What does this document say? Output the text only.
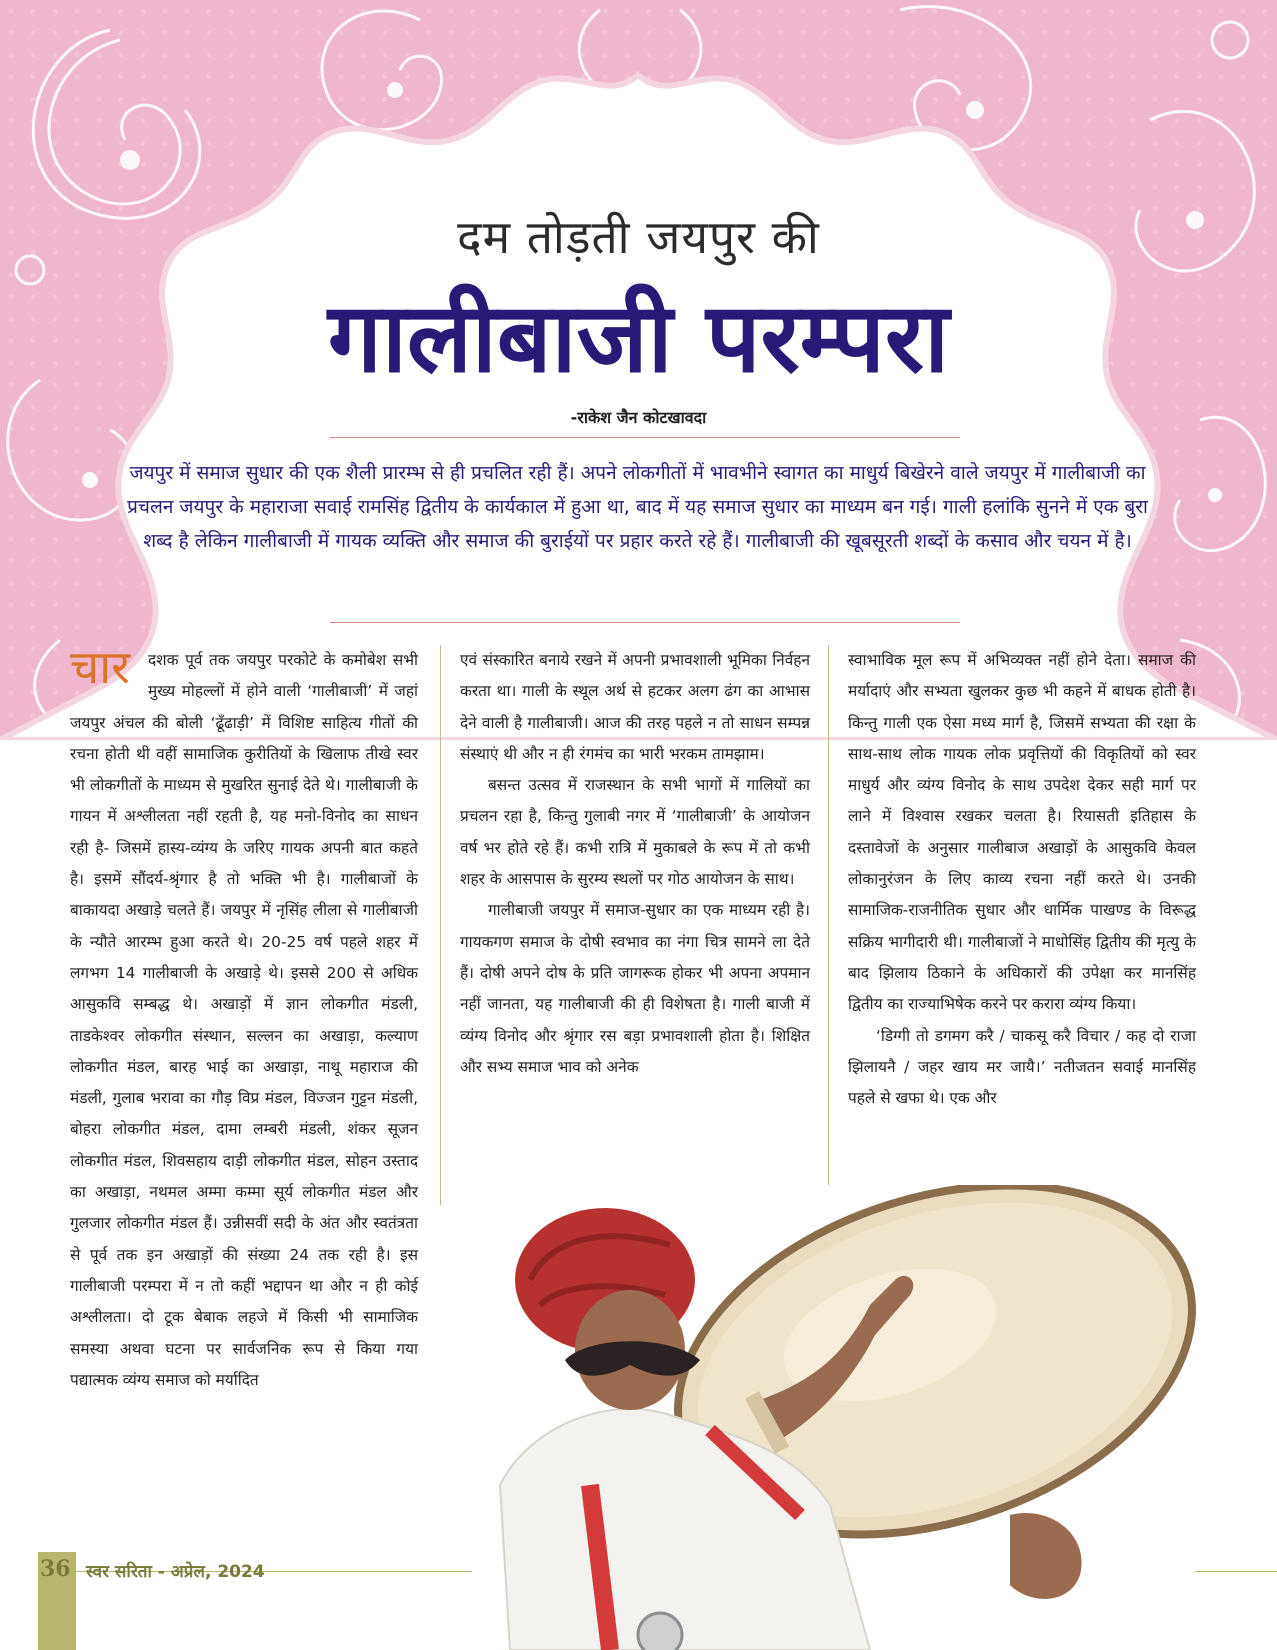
दम तोड़ती जयपुर की
गालीबाजी परम्परा
-राकेश जैन कोटखावदा
जयपुर में समाज सुधार की एक शैली प्रारम्भ से ही प्रचलित रही हैं। अपने लोकगीतों में भावभीने स्वागत का माधुर्य बिखेरने वाले जयपुर में गालीबाजी का प्रचलन जयपुर के महाराजा सवाई रामसिंह द्वितीय के कार्यकाल में हुआ था, बाद में यह समाज सुधार का माध्यम बन गई। गाली हलांकि सुनने में एक बुरा शब्द है लेकिन गालीबाजी में गायक व्यक्ति और समाज की बुराईयों पर प्रहार करते रहे हैं। गालीबाजी की खूबसूरती शब्दों के कसाव और चयन में है।
चार	दशक पूर्व तक जयपुर परकोटे के कमोबेश सभी मुख्य मोहल्लों में होने वाली ‘गालीबाजी’ में जहां जयपुर अंचल की बोली ‘ढूँढाड़ी’ में विशिष्ट साहित्य गीतों की रचना होती थी वहीं सामाजिक कुरीतियों के खिलाफ तीखे स्वर भी लोकगीतों के माध्यम से मुखरित सुनाई देते थे। गालीबाजी के गायन में अश्लीलता नहीं रहती है, यह मनो-विनोद का साधन रही है- जिसमें हास्य-व्यंग्य के जरिए गायक अपनी बात कहते है। इसमें सौंदर्य-श्रृंगार है तो भक्ति भी है। गालीबाजों के बाकायदा अखाड़े चलते हैं। जयपुर में नृसिंह लीला से गालीबाजी के न्यौते आरम्भ हुआ करते थे। 20-25 वर्ष पहले शहर में लगभग 14 गालीबाजी के अखाड़े थे। इससे 200 से अधिक आसुकवि सम्बद्ध थे। अखाड़ों में ज्ञान लोकगीत मंडली, ताडकेश्वर लोकगीत संस्थान, सल्लन का अखाड़ा, कल्याण लोकगीत मंडल, बारह भाई का अखाड़ा, नाथू महाराज की मंडली, गुलाब भरावा का गौड़ विप्र मंडल, विज्जन गुट्टन मंडली, बोहरा लोकगीत मंडल, दामा लम्बरी मंडली, शंकर सूजन लोकगीत मंडल, शिवसहाय दाड़ी लोकगीत मंडल, सोहन उस्ताद का अखाड़ा, नथमल अम्मा कम्मा सूर्य लोकगीत मंडल और गुलजार लोकगीत मंडल हैं। उन्नीसवीं सदी के अंत और स्वतंत्रता से पूर्व तक इन अखाड़ों की संख्या 24 तक रही है। इस गालीबाजी परम्परा में न तो कहीं भद्दापन था और न ही कोई अश्लीलता। दो टूक बेबाक लहजे में किसी भी सामाजिक समस्या अथवा घटना पर सार्वजनिक रूप से किया गया पद्यात्मक व्यंग्य समाज को मर्यादित

एवं संस्कारित बनाये रखने में अपनी प्रभावशाली भूमिका निर्वहन करता था। गाली के स्थूल अर्थ से हटकर अलग ढंग का आभास देने वाली है गालीबाजी। आज की तरह पहले न तो साधन सम्पन्न संस्थाएं थी और न ही रंगमंच का भारी भरकम तामझाम।

बसन्त उत्सव में राजस्थान के सभी भागों में गालियों का प्रचलन रहा है, किन्तु गुलाबी नगर में ‘गालीबाजी’ के आयोजन वर्ष भर होते रहे हैं। कभी रात्रि में मुकाबले के रूप में तो कभी शहर के आसपास के सुरम्य स्थलों पर गोठ आयोजन के साथ।

गालीबाजी जयपुर में समाज-सुधार का एक माध्यम रही है। गायकगण समाज के दोषी स्वभाव का नंगा चित्र सामने ला देते हैं। दोषी अपने दोष के प्रति जागरूक होकर भी अपना अपमान नहीं जानता, यह गालीबाजी की ही विशेषता है। गाली बाजी में व्यंग्य विनोद और श्रृंगार रस बड़ा प्रभावशाली होता है। शिक्षित और सभ्य समाज भाव को अनेक

स्वाभाविक मूल रूप में अभिव्यक्त नहीं होने देता। समाज की मर्यादाएं और सभ्यता खुलकर कुछ भी कहने में बाधक होती है। किन्तु गाली एक ऐसा मध्य मार्ग है, जिसमें सभ्यता की रक्षा के साथ-साथ लोक गायक लोक प्रवृत्तियों की विकृतियों को स्वर माधुर्य और व्यंग्य विनोद के साथ उपदेश देकर सही मार्ग पर लाने में विश्वास रखकर चलता है। रियासती इतिहास के दस्तावेजों के अनुसार गालीबाज अखाड़ों के आसुकवि केवल लोकानुरंजन के लिए काव्य रचना नहीं करते थे। उनकी सामाजिक-राजनीतिक सुधार और धार्मिक पाखण्ड के विरूद्ध सक्रिय भागीदारी थी। गालीबाजों ने माधोसिंह द्वितीय की मृत्यु के बाद झिलाय ठिकाने के अधिकारों की उपेक्षा कर मानसिंह द्वितीय का राज्याभिषेक करने पर करारा व्यंग्य किया।

‘डिग्गी तो डगमग करै / चाकसू करै विचार / कह दो राजा झिलायनै / जहर खाय मर जायै।’ नतीजतन सवाई मानसिंह पहले से खफा थे। एक और

36 स्वर सरिता - अप्रेल, 2024
